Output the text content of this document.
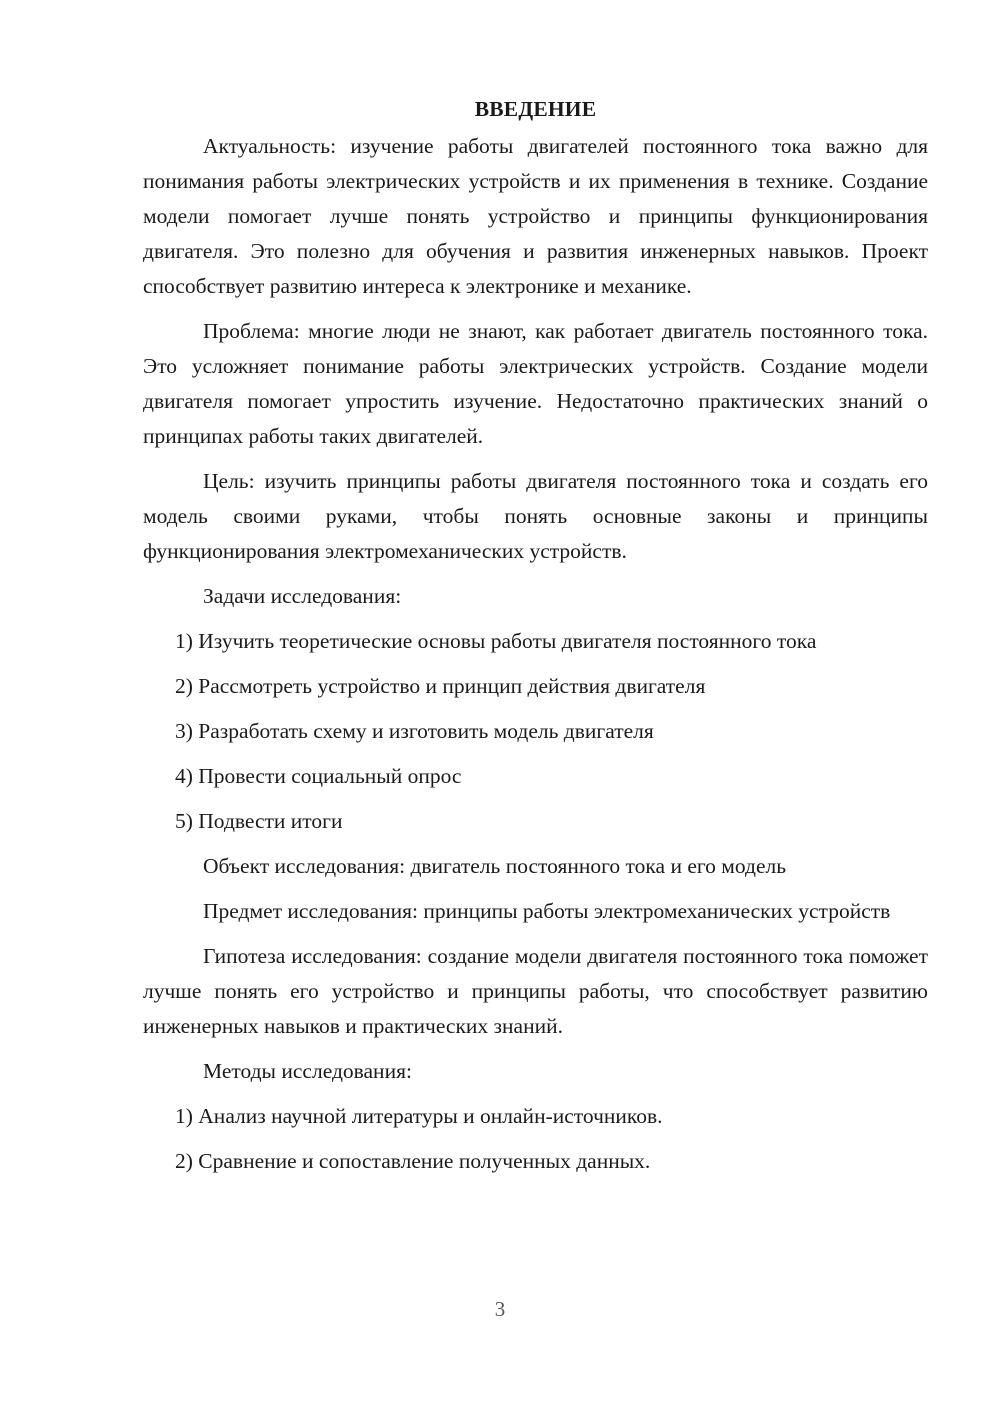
ВВЕДЕНИЕ

Актуальность: изучение работы двигателей постоянного тока важно для понимания работы электрических устройств и их применения в технике. Создание модели помогает лучше понять устройство и принципы функционирования двигателя. Это полезно для обучения и развития инженерных навыков. Проект способствует развитию интереса к электронике и механике.

Проблема: многие люди не знают, как работает двигатель постоянного тока. Это усложняет понимание работы электрических устройств. Создание модели двигателя помогает упростить изучение. Недостаточно практических знаний о принципах работы таких двигателей.

Цель: изучить принципы работы двигателя постоянного тока и создать его модель своими руками, чтобы понять основные законы и принципы функционирования электромеханических устройств.

Задачи исследования:

1) Изучить теоретические основы работы двигателя постоянного тока
2) Рассмотреть устройство и принцип действия двигателя
3) Разработать схему и изготовить модель двигателя
4) Провести социальный опрос
5) Подвести итоги

Объект исследования: двигатель постоянного тока и его модель

Предмет исследования: принципы работы электромеханических устройств

Гипотеза исследования: создание модели двигателя постоянного тока поможет лучше понять его устройство и принципы работы, что способствует развитию инженерных навыков и практических знаний.

Методы исследования:

1) Анализ научной литературы и онлайн-источников.
2) Сравнение и сопоставление полученных данных.
3
